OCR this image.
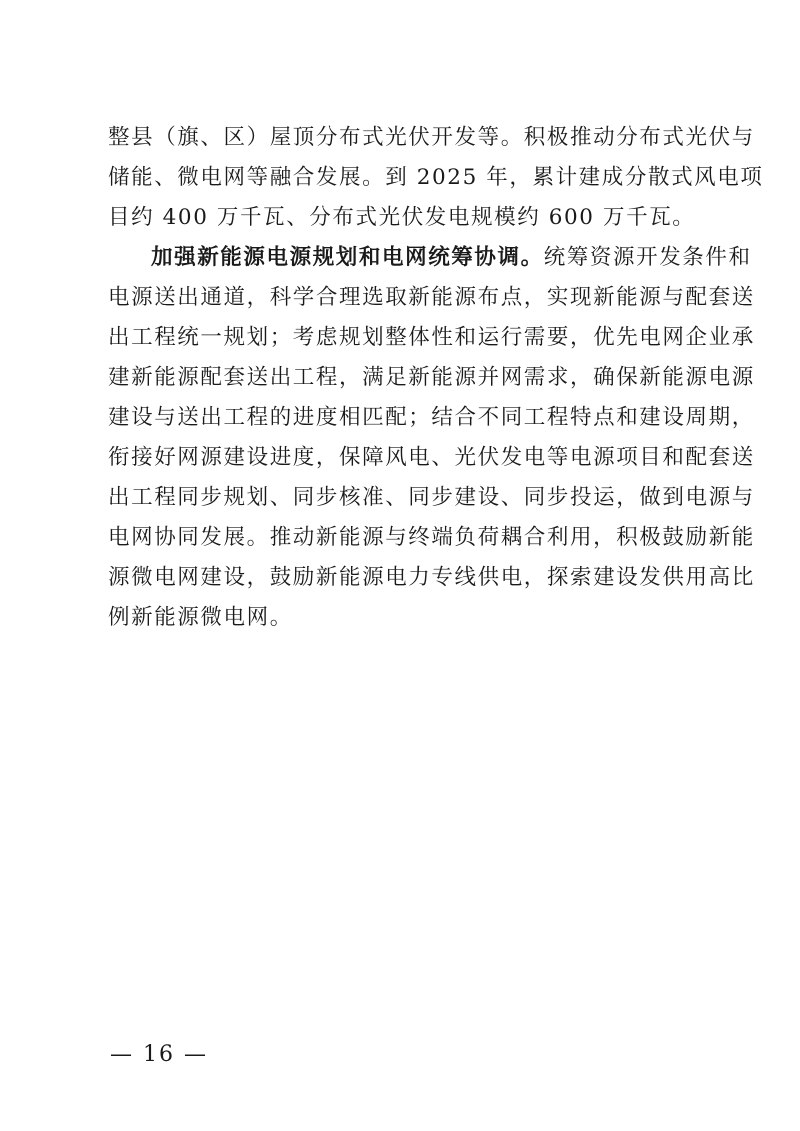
整县（旗、区）屋顶分布式光伏开发等。积极推动分布式光伏与
储能、微电网等融合发展。到 2025 年，累计建成分散式风电项
目约 400 万千瓦、分布式光伏发电规模约 600 万千瓦。
加强新能源电源规划和电网统筹协调。统筹资源开发条件和
电源送出通道，科学合理选取新能源布点，实现新能源与配套送
出工程统一规划；考虑规划整体性和运行需要，优先电网企业承
建新能源配套送出工程，满足新能源并网需求，确保新能源电源
建设与送出工程的进度相匹配；结合不同工程特点和建设周期，
衔接好网源建设进度，保障风电、光伏发电等电源项目和配套送
出工程同步规划、同步核准、同步建设、同步投运，做到电源与
电网协同发展。推动新能源与终端负荷耦合利用，积极鼓励新能
源微电网建设，鼓励新能源电力专线供电，探索建设发供用高比
例新能源微电网。
— 16 —
